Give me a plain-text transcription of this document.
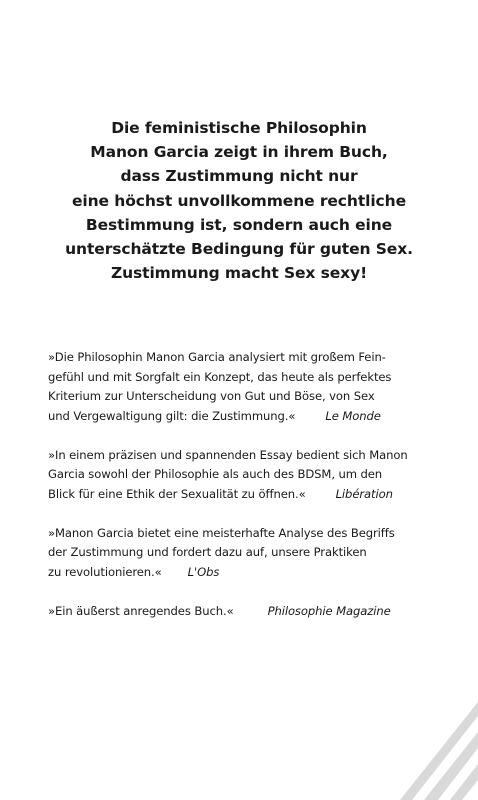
Die feministische Philosophin
Manon Garcia zeigt in ihrem Buch,
dass Zustimmung nicht nur
eine höchst unvollkommene rechtliche
Bestimmung ist, sondern auch eine
unterschätzte Bedingung für guten Sex.
Zustimmung macht Sex sexy!
»Die Philosophin Manon Garcia analysiert mit großem Fein-
gefühl und mit Sorgfalt ein Konzept, das heute als perfektes
Kriterium zur Unterscheidung von Gut und Böse, von Sex
und Vergewaltigung gilt: die Zustimmung.«	Le Monde
»In einem präzisen und spannenden Essay bedient sich Manon
Garcia sowohl der Philosophie als auch des BDSM, um den
Blick für eine Ethik der Sexualität zu öffnen.«	Libération
»Manon Garcia bietet eine meisterhafte Analyse des Begriffs
der Zustimmung und fordert dazu auf, unsere Praktiken
zu revolutionieren.« L'Obs
»Ein äußerst anregendes Buch.«	Philosophie Magazine
